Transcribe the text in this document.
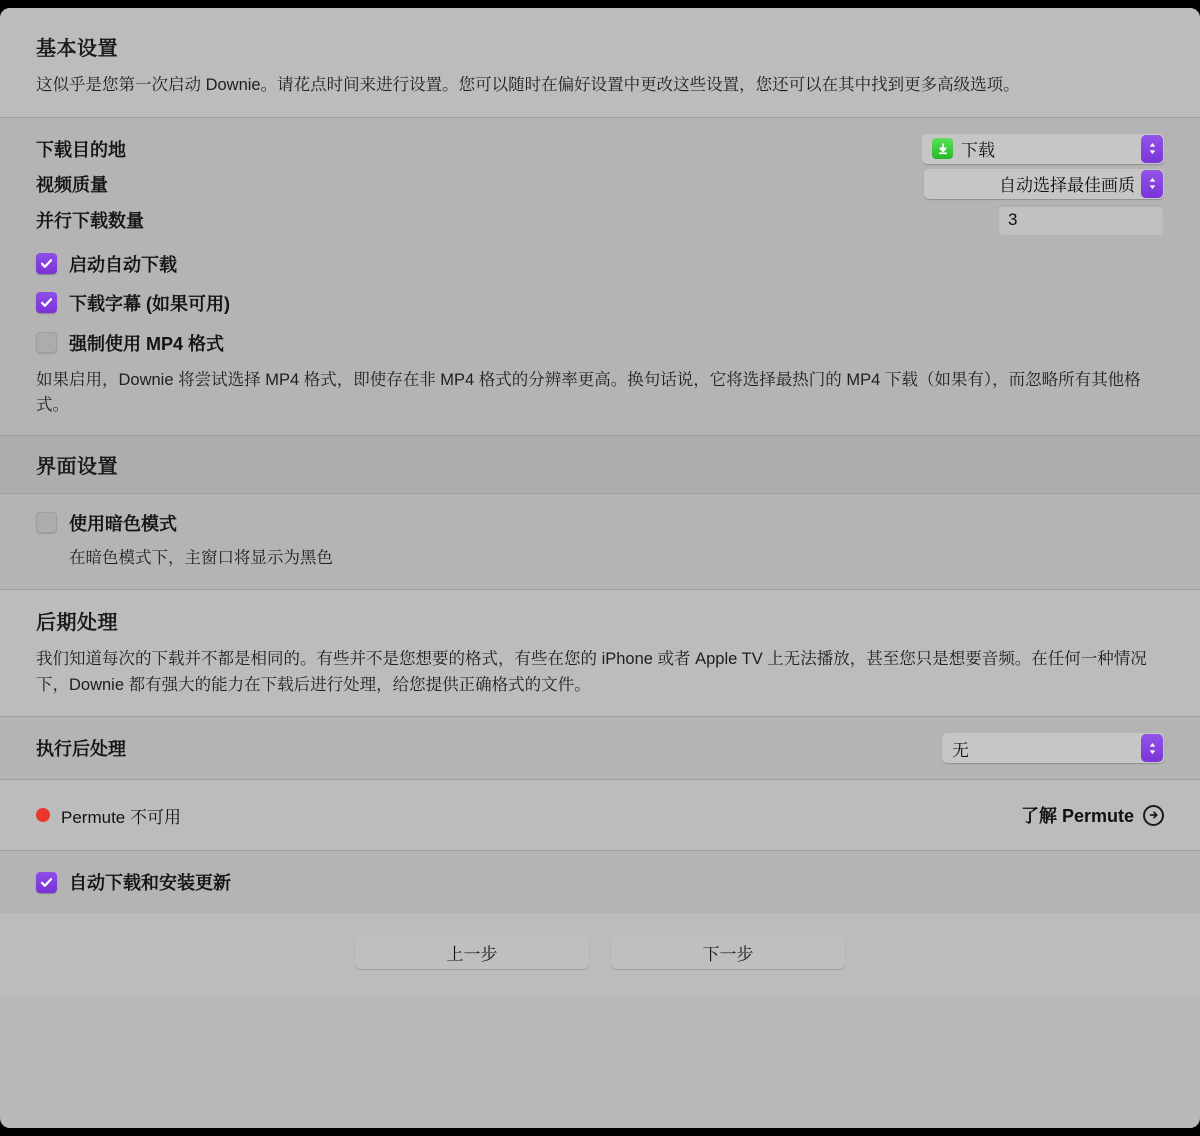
基本设置
这似乎是您第一次启动 Downie。请花点时间来进行设置。您可以随时在偏好设置中更改这些设置，您还可以在其中找到更多高级选项。
下载目的地	下载
视频质量	自动选择最佳画质
并行下载数量	3
启动自动下载
下载字幕 (如果可用)
强制使用 MP4 格式
如果启用，Downie 将尝试选择 MP4 格式，即使存在非 MP4 格式的分辨率更高。换句话说，它将选择最热门的 MP4 下载（如果有），而忽略所有其他格式。
界面设置
使用暗色模式
在暗色模式下，主窗口将显示为黑色
后期处理
我们知道每次的下载并不都是相同的。有些并不是您想要的格式，有些在您的 iPhone 或者 Apple TV 上无法播放，甚至您只是想要音频。在任何一种情况下，Downie 都有强大的能力在下载后进行处理，给您提供正确格式的文件。
执行后处理	无
Permute 不可用	了解 Permute
自动下载和安装更新
上一步	下一步
